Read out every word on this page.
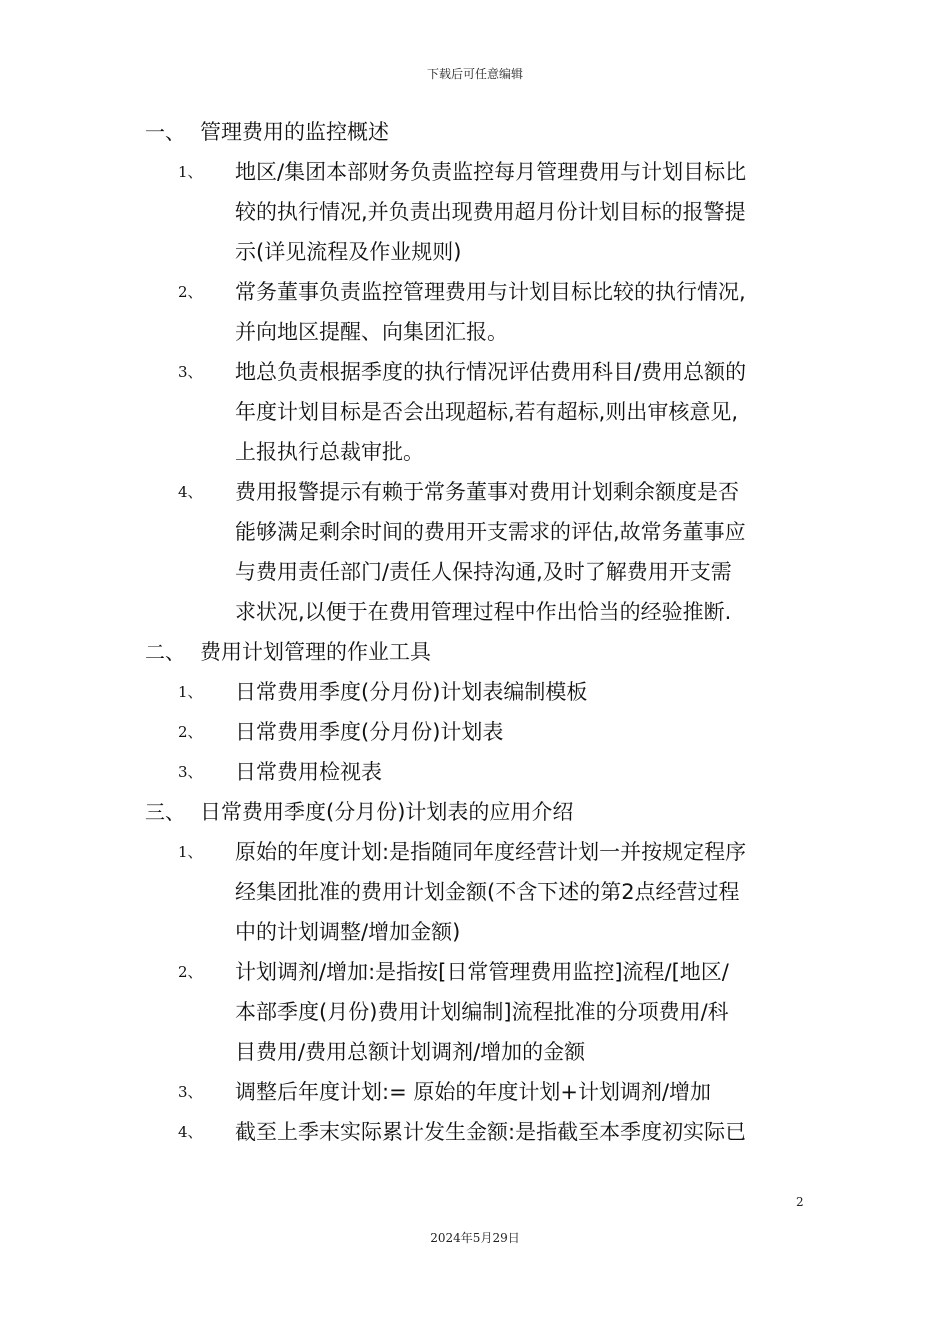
下载后可任意编辑
一、 管理费用的监控概述
1、 地区/集团本部财务负责监控每月管理费用与计划目标比
较的执行情况,并负责出现费用超月份计划目标的报警提
示(详见流程及作业规则)
2、 常务董事负责监控管理费用与计划目标比较的执行情况,
并向地区提醒、向集团汇报。
3、 地总负责根据季度的执行情况评估费用科目/费用总额的
年度计划目标是否会出现超标,若有超标,则出审核意见,
上报执行总裁审批。
4、 费用报警提示有赖于常务董事对费用计划剩余额度是否
能够满足剩余时间的费用开支需求的评估,故常务董事应
与费用责任部门/责任人保持沟通,及时了解费用开支需
求状况,以便于在费用管理过程中作出恰当的经验推断.
二、 费用计划管理的作业工具
1、 日常费用季度(分月份)计划表编制模板
2、 日常费用季度(分月份)计划表
3、 日常费用检视表
三、 日常费用季度(分月份)计划表的应用介绍
1、 原始的年度计划:是指随同年度经营计划一并按规定程序
经集团批准的费用计划金额(不含下述的第2点经营过程
中的计划调整/增加金额)
2、 计划调剂/增加:是指按[日常管理费用监控]流程/[地区/
本部季度(月份)费用计划编制]流程批准的分项费用/科
目费用/费用总额计划调剂/增加的金额
3、 调整后年度计划:= 原始的年度计划+计划调剂/增加
4、 截至上季末实际累计发生金额:是指截至本季度初实际已
2
2024年5月29日
